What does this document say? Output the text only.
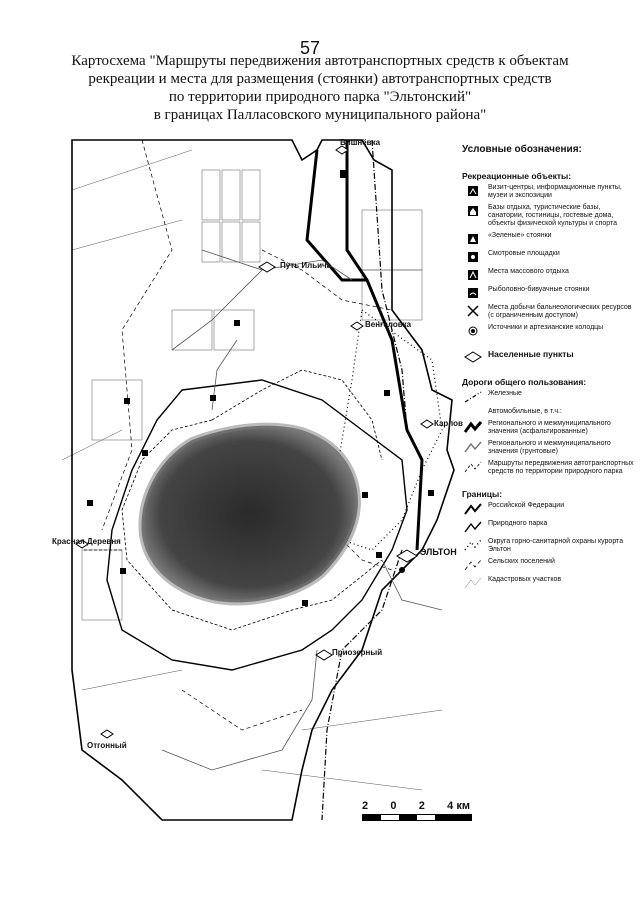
57
Картосхема "Маршруты передвижения автотранспортных средств к объектам
рекреации и места для размещения (стоянки) автотранспортных средств
по территории природного парка "Эльтонский"
в границах Палласовского муниципального района"
Вишнёвка
Путь Ильича
Венгеловка
Карпов
Красная Деревня
ЭЛЬТОН
Приозерный
Отгонный
Условные обозначения:
Рекреационные объекты:
Визит-центры, информационные пункты, музеи и экспозиции
Базы отдыха, туристические базы, санатории, гостиницы, гостевые дома, объекты физической культуры и спорта
«Зеленые» стоянки
Смотровые площадки
Места массового отдыха
Рыболовно-бивуачные стоянки
Места добычи бальнеологических ресурсов (с ограниченным доступом)
Источники и артезианские колодцы
Населенные пункты
Дороги общего пользования:
Железные
Автомобильные, в т.ч.:
Регионального и межмуниципального значения (асфальтированные)
Регионального и межмуниципального значения (грунтовые)
Маршруты передвижения автотранспортных средств по территории природного парка
Границы:
Российской Федерации
Природного парка
Округа горно-санитарной охраны курорта Эльтон
Сельских поселений
Кадастровых участков
2 0 2 4 км
